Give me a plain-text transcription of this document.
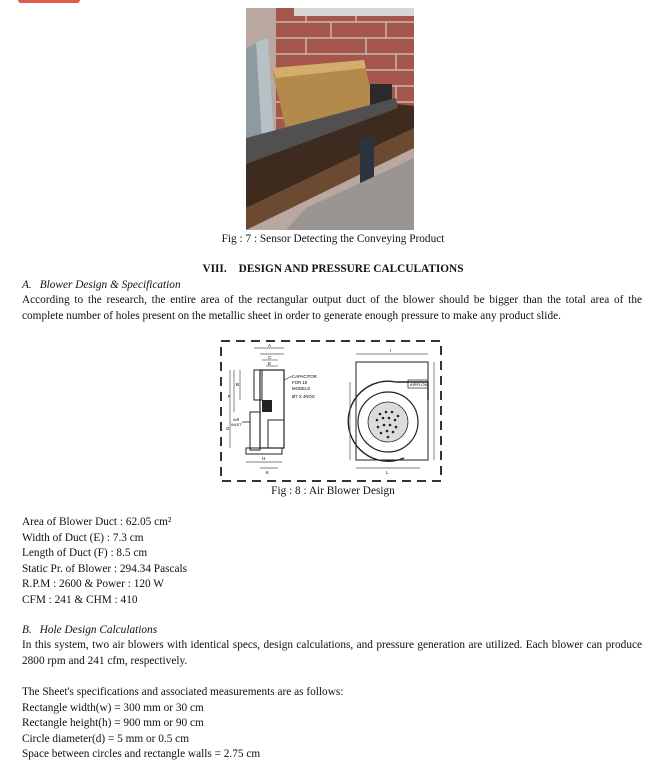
Fig : 7 : Sensor Detecting the Conveying Product
VIII. DESIGN AND PRESSURE CALCULATIONS
A. Blower Design & Specification
According to the research, the entire area of the rectangular output duct of the blower should be bigger than the total area of the complete number of holes present on the metallic sheet in order to generate enough pressure to make any product slide.
A
C
E
B
F
G
H
K
AIR
INLET
CAPACITOR
FOR 18
MODELS
Ø7 X 4NOS
AIRFLOW
I
L
Fig : 8 : Air Blower Design
Area of Blower Duct : 62.05 cm²
Width of Duct (E) : 7.3 cm
Length of Duct (F) : 8.5 cm
Static Pr. of Blower : 294.34 Pascals
R.P.M : 2600 & Power : 120 W
CFM : 241 & CHM : 410
B. Hole Design Calculations
In this system, two air blowers with identical specs, design calculations, and pressure generation are utilized. Each blower can produce 2800 rpm and 241 cfm, respectively.
The Sheet's specifications and associated measurements are as follows:
Rectangle width(w) = 300 mm or 30 cm
Rectangle height(h) = 900 mm or 90 cm
Circle diameter(d) = 5 mm or 0.5 cm
Space between circles and rectangle walls = 2.75 cm
